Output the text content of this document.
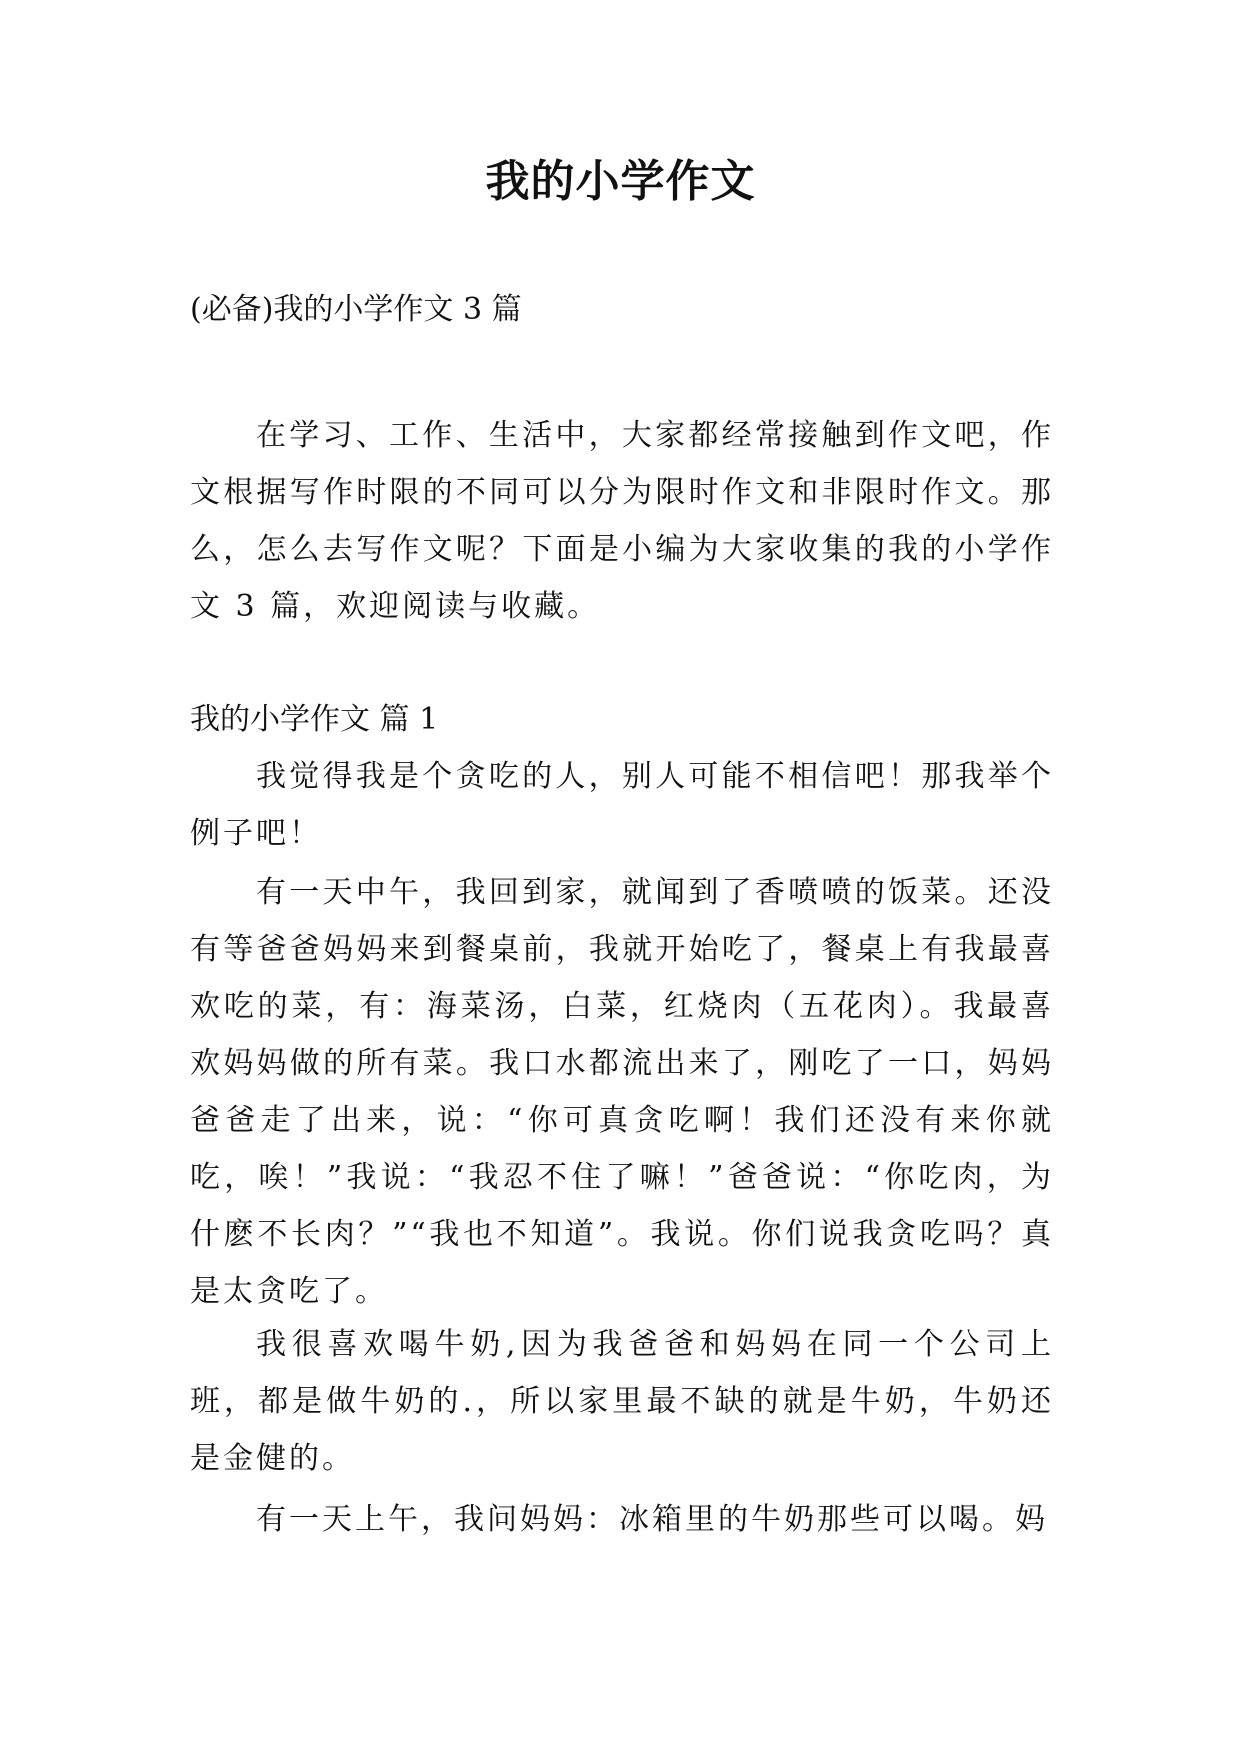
我的小学作文

(必备)我的小学作文 3 篇

在学习、工作、生活中，大家都经常接触到作文吧，作文根据写作时限的不同可以分为限时作文和非限时作文。那么，怎么去写作文呢？下面是小编为大家收集的我的小学作文 3 篇，欢迎阅读与收藏。

我的小学作文 篇 1

我觉得我是个贪吃的人，别人可能不相信吧！那我举个例子吧！

有一天中午，我回到家，就闻到了香喷喷的饭菜。还没有等爸爸妈妈来到餐桌前，我就开始吃了，餐桌上有我最喜欢吃的菜，有：海菜汤，白菜，红烧肉（五花肉）。我最喜欢妈妈做的所有菜。我口水都流出来了，刚吃了一口，妈妈爸爸走了出来，说：“你可真贪吃啊！我们还没有来你就吃，唉！”我说：“我忍不住了嘛！”爸爸说：“你吃肉，为什麽不长肉？”“我也不知道”。我说。你们说我贪吃吗？真是太贪吃了。

我很喜欢喝牛奶,因为我爸爸和妈妈在同一个公司上班，都是做牛奶的.，所以家里最不缺的就是牛奶，牛奶还是金健的。

有一天上午，我问妈妈：冰箱里的牛奶那些可以喝。妈
